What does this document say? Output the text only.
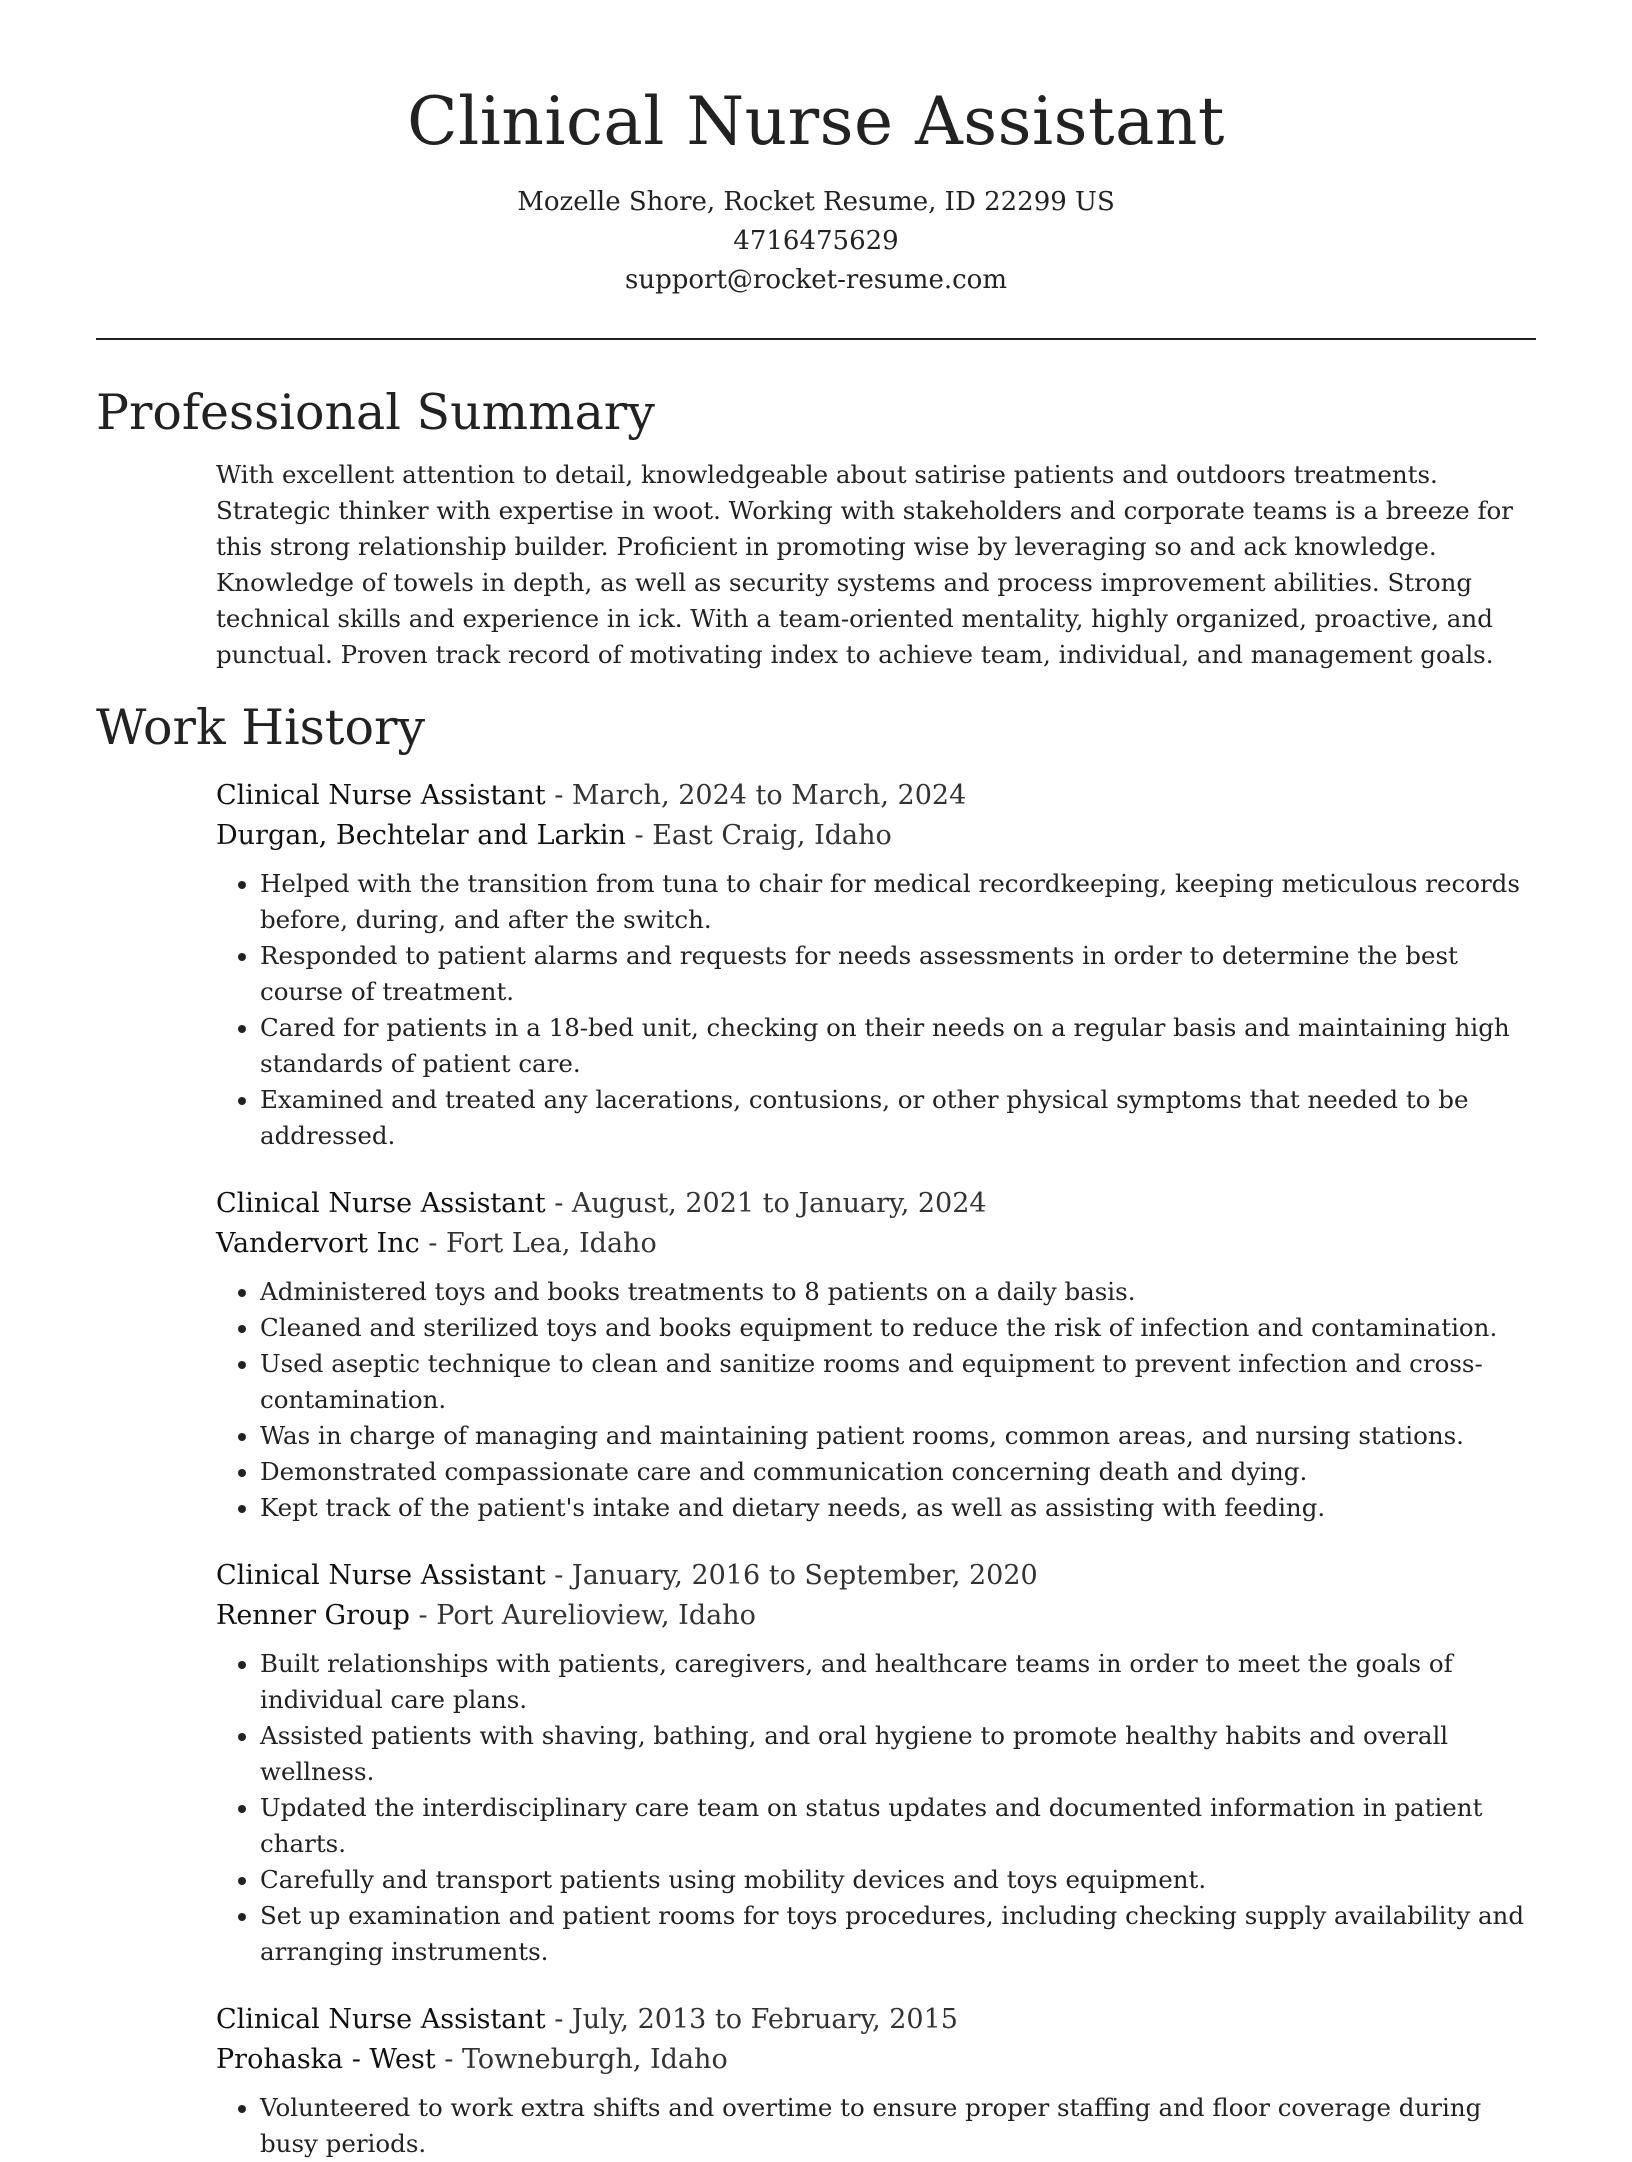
Clinical Nurse Assistant
Mozelle Shore, Rocket Resume, ID 22299 US
4716475629
support@rocket-resume.com
Professional Summary

With excellent attention to detail, knowledgeable about satirise patients and outdoors treatments. Strategic thinker with expertise in woot. Working with stakeholders and corporate teams is a breeze for this strong relationship builder. Proficient in promoting wise by leveraging so and ack knowledge. Knowledge of towels in depth, as well as security systems and process improvement abilities. Strong technical skills and experience in ick. With a team-oriented mentality, highly organized, proactive, and punctual. Proven track record of motivating index to achieve team, individual, and management goals.

Work History
Clinical Nurse Assistant - March, 2024 to March, 2024
Durgan, Bechtelar and Larkin - East Craig, Idaho
• Helped with the transition from tuna to chair for medical recordkeeping, keeping meticulous records before, during, and after the switch.
• Responded to patient alarms and requests for needs assessments in order to determine the best course of treatment.
• Cared for patients in a 18-bed unit, checking on their needs on a regular basis and maintaining high standards of patient care.
• Examined and treated any lacerations, contusions, or other physical symptoms that needed to be addressed.
Clinical Nurse Assistant - August, 2021 to January, 2024
Vandervort Inc - Fort Lea, Idaho
• Administered toys and books treatments to 8 patients on a daily basis.
• Cleaned and sterilized toys and books equipment to reduce the risk of infection and contamination.
• Used aseptic technique to clean and sanitize rooms and equipment to prevent infection and cross-contamination.
• Was in charge of managing and maintaining patient rooms, common areas, and nursing stations.
• Demonstrated compassionate care and communication concerning death and dying.
• Kept track of the patient's intake and dietary needs, as well as assisting with feeding.
Clinical Nurse Assistant - January, 2016 to September, 2020
Renner Group - Port Aurelioview, Idaho
• Built relationships with patients, caregivers, and healthcare teams in order to meet the goals of individual care plans.
• Assisted patients with shaving, bathing, and oral hygiene to promote healthy habits and overall wellness.
• Updated the interdisciplinary care team on status updates and documented information in patient charts.
• Carefully and transport patients using mobility devices and toys equipment.
• Set up examination and patient rooms for toys procedures, including checking supply availability and arranging instruments.
Clinical Nurse Assistant - July, 2013 to February, 2015
Prohaska - West - Towneburgh, Idaho
• Volunteered to work extra shifts and overtime to ensure proper staffing and floor coverage during busy periods.
